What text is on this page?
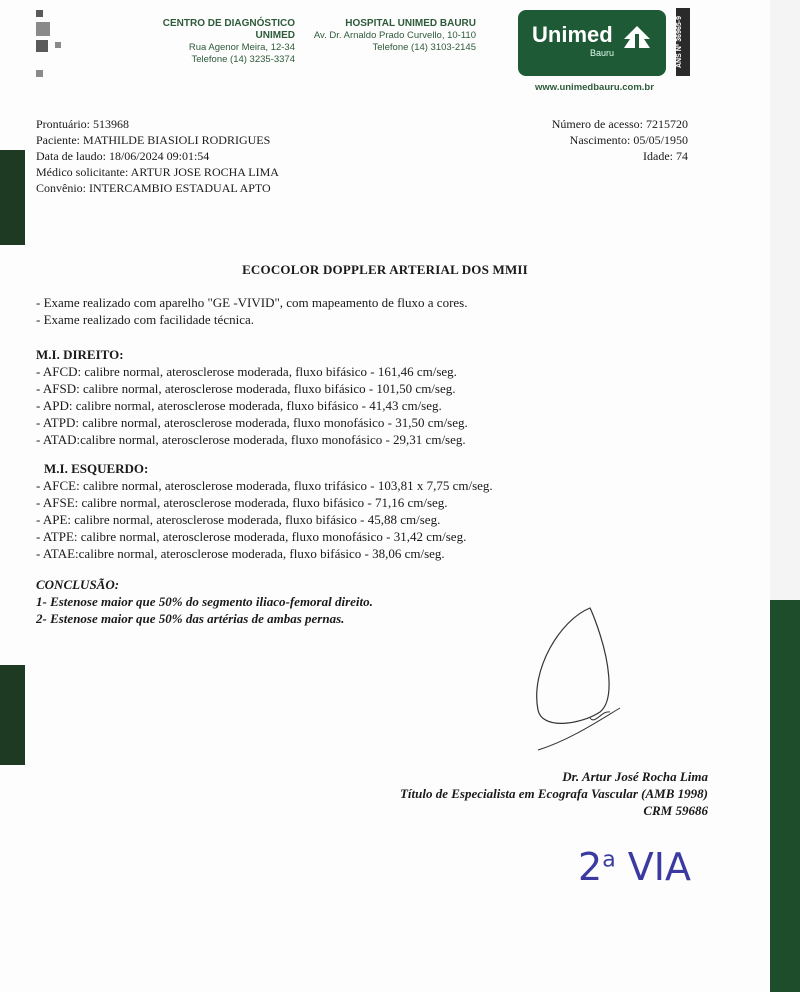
CENTRO DE DIAGNÓSTICO UNIMED
Rua Agenor Meira, 12-34
Telefone (14) 3235-3374
HOSPITAL UNIMED BAURU
Av. Dr. Arnaldo Prado Curvello, 10-110
Telefone (14) 3103-2145
Unimed
Bauru	ANS Nº 36965-9
www.unimedbauru.com.br
Prontuário: 513968
Paciente: MATHILDE BIASIOLI RODRIGUES
Data de laudo: 18/06/2024 09:01:54
Médico solicitante: ARTUR JOSE ROCHA LIMA
Convênio: INTERCAMBIO ESTADUAL APTO
Número de acesso: 7215720
Nascimento: 05/05/1950
Idade: 74
ECOCOLOR DOPPLER ARTERIAL DOS MMII
- Exame realizado com aparelho "GE -VIVID", com mapeamento de fluxo a cores.
- Exame realizado com facilidade técnica.
M.I. DIREITO:
- AFCD: calibre normal, aterosclerose moderada, fluxo bifásico - 161,46 cm/seg.
- AFSD: calibre normal, aterosclerose moderada, fluxo bifásico - 101,50 cm/seg.
- APD: calibre normal, aterosclerose moderada, fluxo bifásico - 41,43 cm/seg.
- ATPD: calibre normal, aterosclerose moderada, fluxo monofásico - 31,50 cm/seg.
- ATAD:calibre normal, aterosclerose moderada, fluxo monofásico - 29,31 cm/seg.
M.I. ESQUERDO:
- AFCE: calibre normal, aterosclerose moderada, fluxo trifásico - 103,81 x 7,75 cm/seg.
- AFSE: calibre normal, aterosclerose moderada, fluxo bifásico - 71,16 cm/seg.
- APE: calibre normal, aterosclerose moderada, fluxo bifásico - 45,88 cm/seg.
- ATPE: calibre normal, aterosclerose moderada, fluxo monofásico - 31,42 cm/seg.
- ATAE:calibre normal, aterosclerose moderada, fluxo bifásico - 38,06 cm/seg.
CONCLUSÃO:
1- Estenose maior que 50% do segmento iliaco-femoral direito.
2- Estenose maior que 50% das artérias de ambas pernas.
Dr. Artur José Rocha Lima
Título de Especialista em Ecografa Vascular (AMB 1998)
CRM 59686
2$^a$ VIA
